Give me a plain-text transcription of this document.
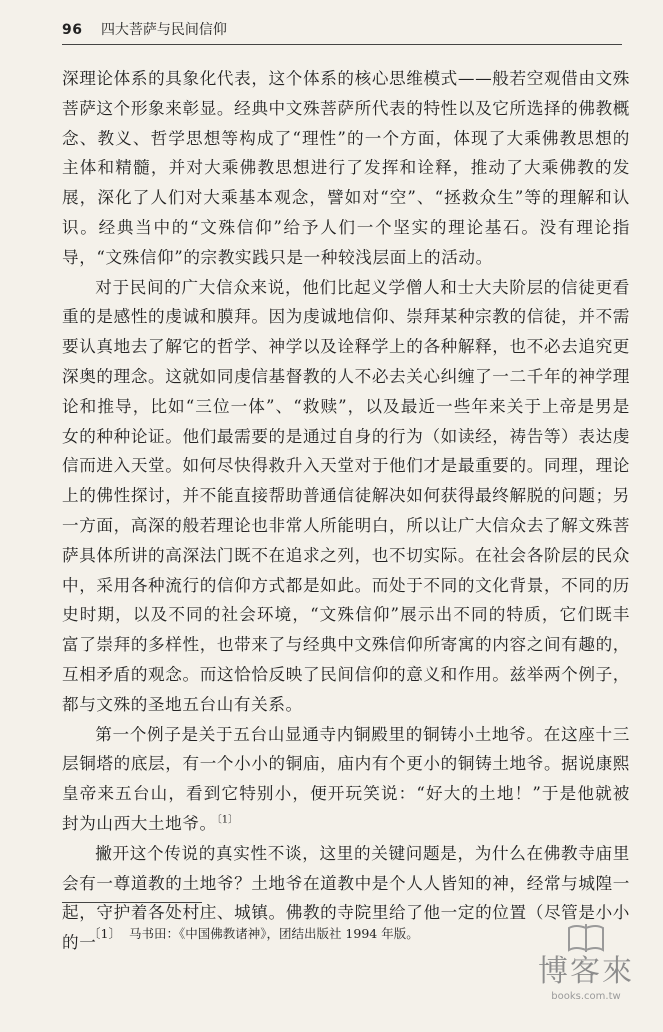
96 四大菩萨与民间信仰

深理论体系的具象化代表，这个体系的核心思维模式——般若空观借由文殊菩萨这个形象来彰显。经典中文殊菩萨所代表的特性以及它所选择的佛教概念、教义、哲学思想等构成了“理性”的一个方面，体现了大乘佛教思想的主体和精髓，并对大乘佛教思想进行了发挥和诠释，推动了大乘佛教的发展，深化了人们对大乘基本观念，譬如对“空”、“拯救众生”等的理解和认识。经典当中的“文殊信仰”给予人们一个坚实的理论基石。没有理论指导，“文殊信仰”的宗教实践只是一种较浅层面上的活动。

对于民间的广大信众来说，他们比起义学僧人和士大夫阶层的信徒更看重的是感性的虔诚和膜拜。因为虔诚地信仰、崇拜某种宗教的信徒，并不需要认真地去了解它的哲学、神学以及诠释学上的各种解释，也不必去追究更深奥的理念。这就如同虔信基督教的人不必去关心纠缠了一二千年的神学理论和推导，比如“三位一体”、“救赎”，以及最近一些年来关于上帝是男是女的种种论证。他们最需要的是通过自身的行为（如读经，祷告等）表达虔信而进入天堂。如何尽快得救升入天堂对于他们才是最重要的。同理，理论上的佛性探讨，并不能直接帮助普通信徒解决如何获得最终解脱的问题；另一方面，高深的般若理论也非常人所能明白，所以让广大信众去了解文殊菩萨具体所讲的高深法门既不在追求之列，也不切实际。在社会各阶层的民众中，采用各种流行的信仰方式都是如此。而处于不同的文化背景，不同的历史时期，以及不同的社会环境，“文殊信仰”展示出不同的特质，它们既丰富了崇拜的多样性，也带来了与经典中文殊信仰所寄寓的内容之间有趣的，互相矛盾的观念。而这恰恰反映了民间信仰的意义和作用。兹举两个例子，都与文殊的圣地五台山有关系。

第一个例子是关于五台山显通寺内铜殿里的铜铸小土地爷。在这座十三层铜塔的底层，有一个小小的铜庙，庙内有个更小的铜铸土地爷。据说康熙皇帝来五台山，看到它特别小，便开玩笑说：“好大的土地！”于是他就被封为山西大土地爷。$^{〔1〕}$

撇开这个传说的真实性不谈，这里的关键问题是，为什么在佛教寺庙里会有一尊道教的土地爷？土地爷在道教中是个人人皆知的神，经常与城隍一起，守护着各处村庄、城镇。佛教的寺院里给了他一定的位置（尽管是小小的一

〔1〕 马书田：《中国佛教诸神》，团结出版社 1994 年版。
博客來
books.com.tw
